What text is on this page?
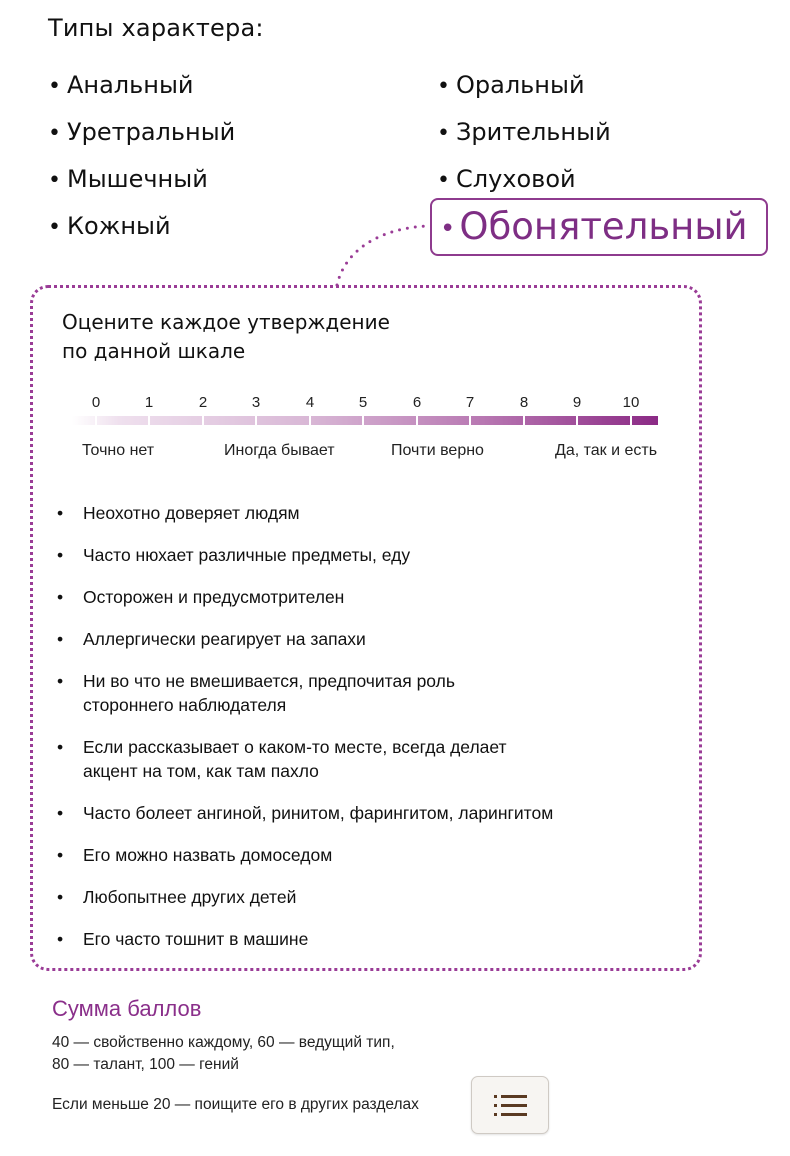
Типы характера:
• Анальный
• Уретральный
• Мышечный
• Кожный
• Оральный
• Зрительный
• Слуховой
• Обонятельный
Оцените каждое утверждение
по данной шкале
0	1	2	3	4	5	6	7	8	9	10
Точно нет	Иногда бывает	Почти верно	Да, так и есть
• Неохотно доверяет людям
• Часто нюхает различные предметы, еду
• Осторожен и предусмотрителен
• Аллергически реагирует на запахи
• Ни во что не вмешивается, предпочитая роль
стороннего наблюдателя
• Если рассказывает о каком-то месте, всегда делает
акцент на том, как там пахло
• Часто болеет ангиной, ринитом, фарингитом, ларингитом
• Его можно назвать домоседом
• Любопытнее других детей
• Его часто тошнит в машине
Сумма баллов
40 — свойственно каждому, 60 — ведущий тип,
80 — талант, 100 — гений
Если меньше 20 — поищите его в других разделах
